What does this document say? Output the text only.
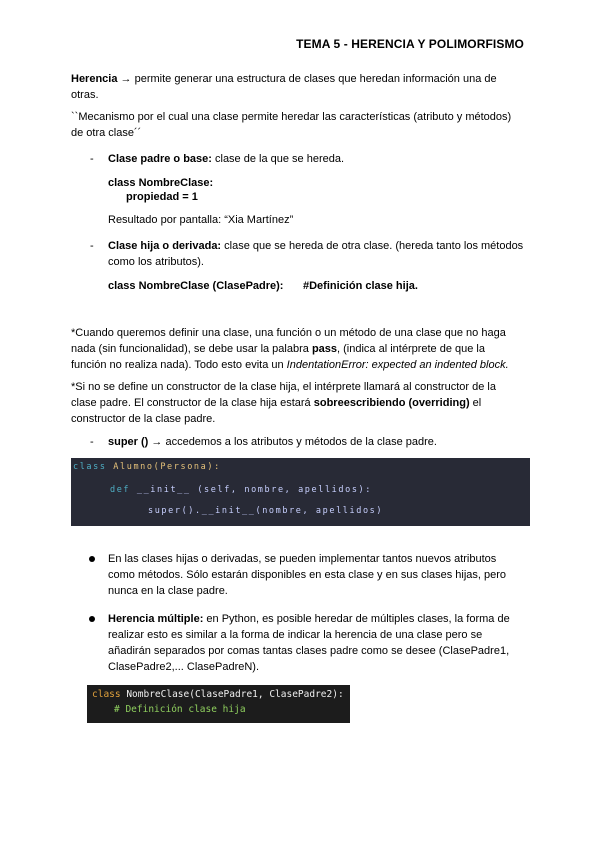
TEMA 5 - HERENCIA Y POLIMORFISMO
Herencia → permite generar una estructura de clases que heredan información una de
otras.
``Mecanismo por el cual una clase permite heredar las características (atributo y métodos)
de otra clase´´
- Clase padre o base: clase de la que se hereda.
class NombreClase:
propiedad = 1
Resultado por pantalla: “Xia Martínez”
- Clase hija o derivada: clase que se hereda de otra clase. (hereda tanto los métodos
como los atributos).
class NombreClase (ClasePadre): #Definición clase hija.
*Cuando queremos definir una clase, una función o un método de una clase que no haga
nada (sin funcionalidad), se debe usar la palabra pass, (indica al intérprete de que la
función no realiza nada). Todo esto evita un IndentationError: expected an indented block.
*Si no se define un constructor de la clase hija, el intérprete llamará al constructor de la
clase padre. El constructor de la clase hija estará sobreescribiendo (overriding) el
constructor de la clase padre.
- super () → accedemos a los atributos y métodos de la clase padre.
class Alumno(Persona):
def __init__ (self, nombre, apellidos):
super().__init__(nombre, apellidos)
En las clases hijas o derivadas, se pueden implementar tantos nuevos atributos
como métodos. Sólo estarán disponibles en esta clase y en sus clases hijas, pero
nunca en la clase padre.
Herencia múltiple: en Python, es posible heredar de múltiples clases, la forma de
realizar esto es similar a la forma de indicar la herencia de una clase pero se
añadirán separados por comas tantas clases padre como se desee (ClasePadre1,
ClasePadre2,... ClasePadreN).
class NombreClase(ClasePadre1, ClasePadre2):
# Definición clase hija
